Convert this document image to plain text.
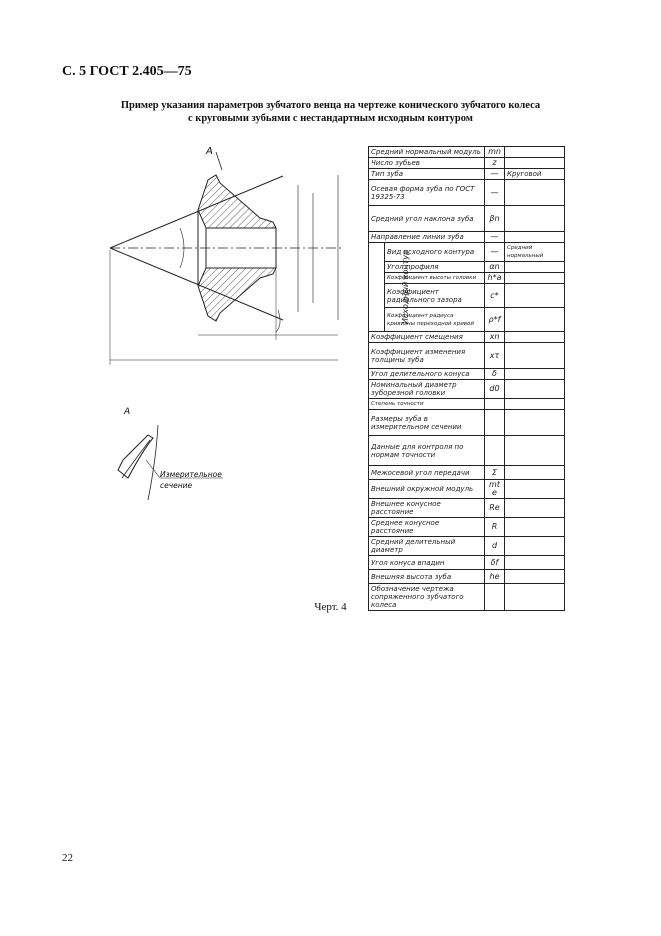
С. 5 ГОСТ 2.405—75
Пример указания параметров зубчатого венца на чертеже конического зубчатого колеса
с круговыми зубьями с нестандартным исходным контуром
А
А
Измерительное сечение
Средний нормальный модуль		mn	
Число зубьев		z	
Тип зуба		—	Круговой
Осевая форма зуба по ГОСТ 19325-73		—	
Средний угол наклона зуба		βn	
Направление линии зуба		—	
Исходный контур	Вид исходного контура	—	Средний нормальный
	Угол профиля	αn	
	Коэффициент высоты головки	h*a	
	Коэффициент радиального зазора	c*	
	Коэффициент радиуса кривизны переходной кривой	ρ*f	
Коэффициент смещения		xn	
Коэффициент изменения толщины зуба		xτ	
Угол делительного конуса		δ	
Номинальный диаметр зуборезной головки		d0	
Степень точности			
Размеры зуба в измерительном сечении			
Данные для контроля по нормам точности			
Межосевой угол передачи		Σ	
Внешний окружной модуль		mte	
Внешнее конусное расстояние		Re	
Среднее конусное расстояние		R	
Средний делительный диаметр		d	
Угол конуса впадин		δf	
Внешняя высота зуба		he	
Обозначение чертежа сопряженного зубчатого колеса			
Черт. 4
22
